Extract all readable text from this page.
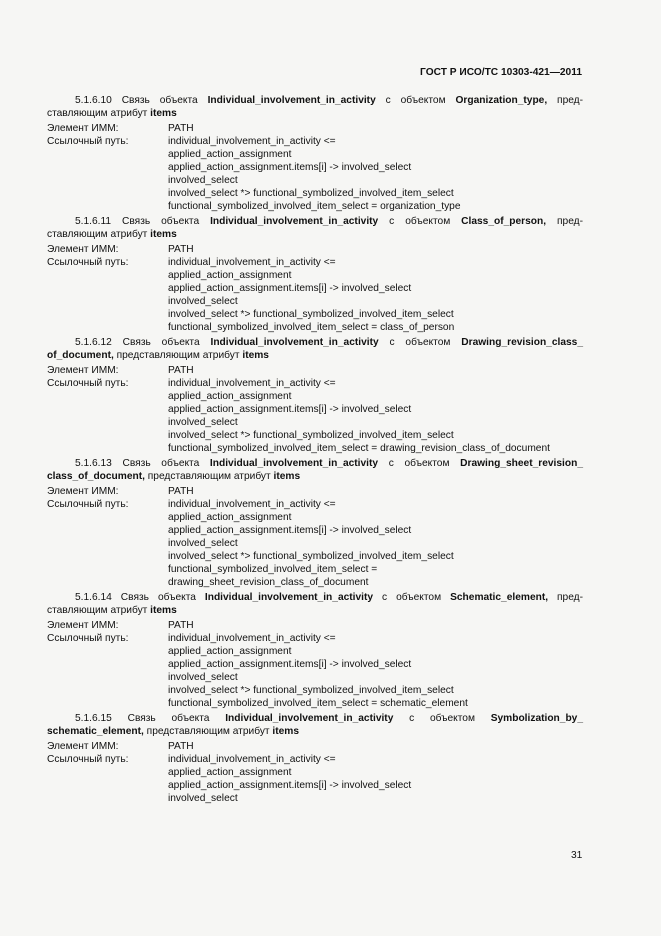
ГОСТ Р ИСО/ТС 10303-421—2011

5.1.6.10 Связь объекта Individual_involvement_in_activity с объектом Organization_type, пред-ставляющим атрибут items

Элемент ИММ:	PATH
Ссылочный путь:	individual_involvement_in_activity <=
applied_action_assignment
applied_action_assignment.items[i] -> involved_select
involved_select
involved_select *> functional_symbolized_involved_item_select
functional_symbolized_involved_item_select = organization_type

5.1.6.11 Связь объекта Individual_involvement_in_activity с объектом Class_of_person, пред-ставляющим атрибут items

Элемент ИММ:	PATH
Ссылочный путь:	individual_involvement_in_activity <=
applied_action_assignment
applied_action_assignment.items[i] -> involved_select
involved_select
involved_select *> functional_symbolized_involved_item_select
functional_symbolized_involved_item_select = class_of_person

5.1.6.12 Связь объекта Individual_involvement_in_activity с объектом Drawing_revision_class_ of_document, представляющим атрибут items

Элемент ИММ:	PATH
Ссылочный путь:	individual_involvement_in_activity <=
applied_action_assignment
applied_action_assignment.items[i] -> involved_select
involved_select
involved_select *> functional_symbolized_involved_item_select
functional_symbolized_involved_item_select = drawing_revision_class_of_document

5.1.6.13 Связь объекта Individual_involvement_in_activity с объектом Drawing_sheet_revision_ class_of_document, представляющим атрибут items

Элемент ИММ:	PATH
Ссылочный путь:	individual_involvement_in_activity <=
applied_action_assignment
applied_action_assignment.items[i] -> involved_select
involved_select
involved_select *> functional_symbolized_involved_item_select
functional_symbolized_involved_item_select =
drawing_sheet_revision_class_of_document

5.1.6.14 Связь объекта Individual_involvement_in_activity с объектом Schematic_element, пред-ставляющим атрибут items

Элемент ИММ:	PATH
Ссылочный путь:	individual_involvement_in_activity <=
applied_action_assignment
applied_action_assignment.items[i] -> involved_select
involved_select
involved_select *> functional_symbolized_involved_item_select
functional_symbolized_involved_item_select = schematic_element

5.1.6.15 Связь объекта Individual_involvement_in_activity с объектом Symbolization_by_ schematic_element, представляющим атрибут items

Элемент ИММ:	PATH
Ссылочный путь:	individual_involvement_in_activity <=
applied_action_assignment
applied_action_assignment.items[i] -> involved_select
involved_select
31
